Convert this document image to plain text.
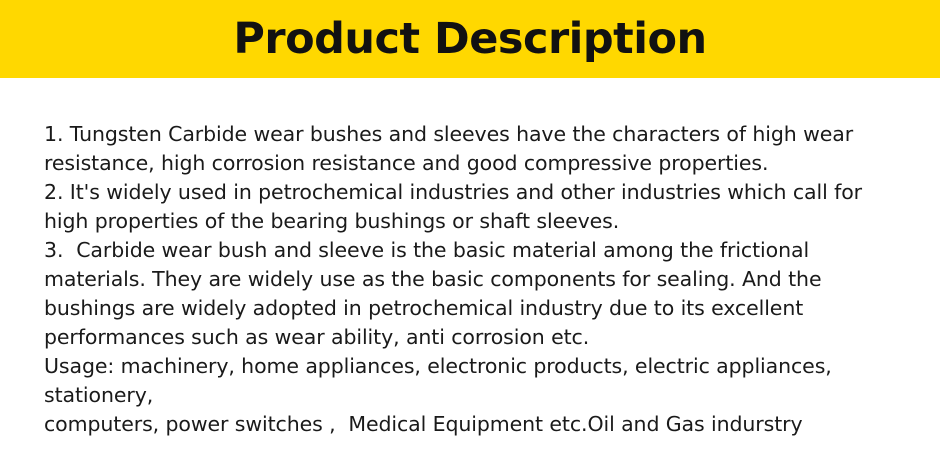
Product Description

1. Tungsten Carbide wear bushes and sleeves have the characters of high wear resistance, high corrosion resistance and good compressive properties.

2. It's widely used in petrochemical industries and other industries which call for high properties of the bearing bushings or shaft sleeves.

3.  Carbide wear bush and sleeve is the basic material among the frictional materials. They are widely use as the basic components for sealing. And the bushings are widely adopted in petrochemical industry due to its excellent performances such as wear ability, anti corrosion etc.

Usage: machinery, home appliances, electronic products, electric appliances, stationery,

computers, power switches ,  Medical Equipment etc.Oil and Gas indurstry
